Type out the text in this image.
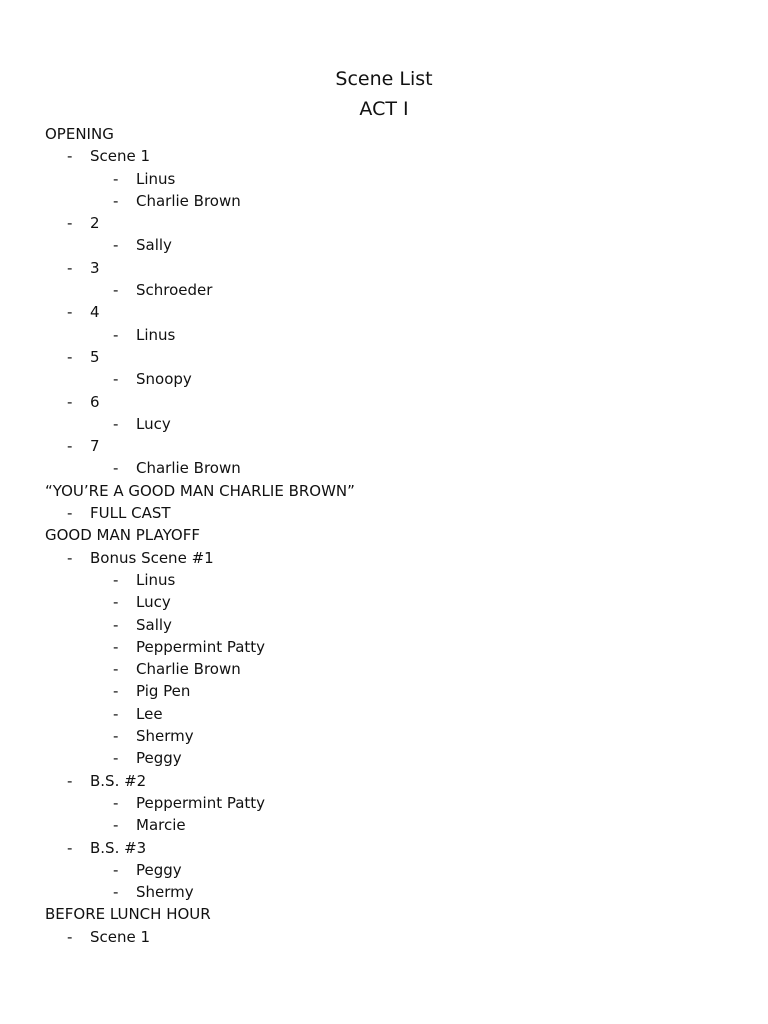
Scene List
ACT I
OPENING
- Scene 1
- Linus
- Charlie Brown
- 2
- Sally
- 3
- Schroeder
- 4
- Linus
- 5
- Snoopy
- 6
- Lucy
- 7
- Charlie Brown
“YOU’RE A GOOD MAN CHARLIE BROWN”
- FULL CAST
GOOD MAN PLAYOFF
- Bonus Scene #1
- Linus
- Lucy
- Sally
- Peppermint Patty
- Charlie Brown
- Pig Pen
- Lee
- Shermy
- Peggy
- B.S. #2
- Peppermint Patty
- Marcie
- B.S. #3
- Peggy
- Shermy
BEFORE LUNCH HOUR
- Scene 1
